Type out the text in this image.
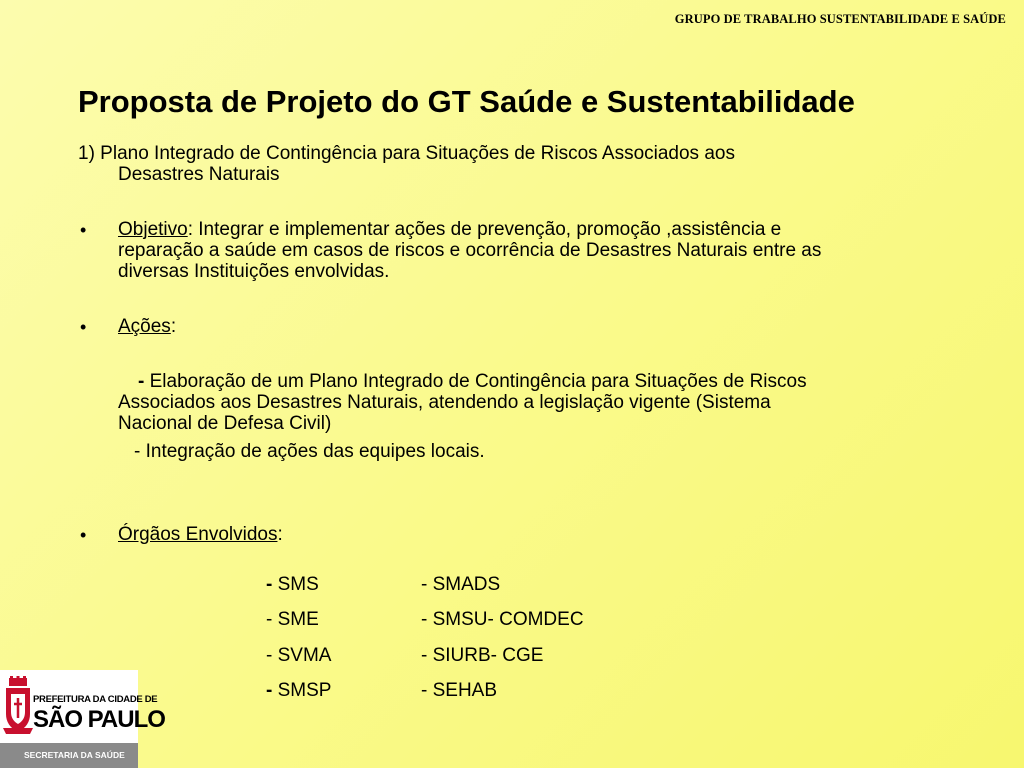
GRUPO DE TRABALHO SUSTENTABILIDADE E SAÚDE
Proposta de Projeto do GT Saúde e Sustentabilidade
1) Plano Integrado de Contingência para Situações de Riscos Associados aos
Desastres Naturais
• Objetivo: Integrar e implementar ações de prevenção, promoção ,assistência e
reparação a saúde em casos de riscos e ocorrência de Desastres Naturais entre as
diversas Instituições envolvidas.
• Ações:
- Elaboração de um Plano Integrado de Contingência para Situações de Riscos
Associados aos Desastres Naturais, atendendo a legislação vigente (Sistema
Nacional de Defesa Civil)
- Integração de ações das equipes locais.
• Órgãos Envolvidos:
- SMS
- SME
- SVMA
- SMSP
- SMADS
- SMSU- COMDEC
- SIURB- CGE
- SEHAB
PREFEITURA DA CIDADE DE
SÃO PAULO
SECRETARIA DA SAÚDE
